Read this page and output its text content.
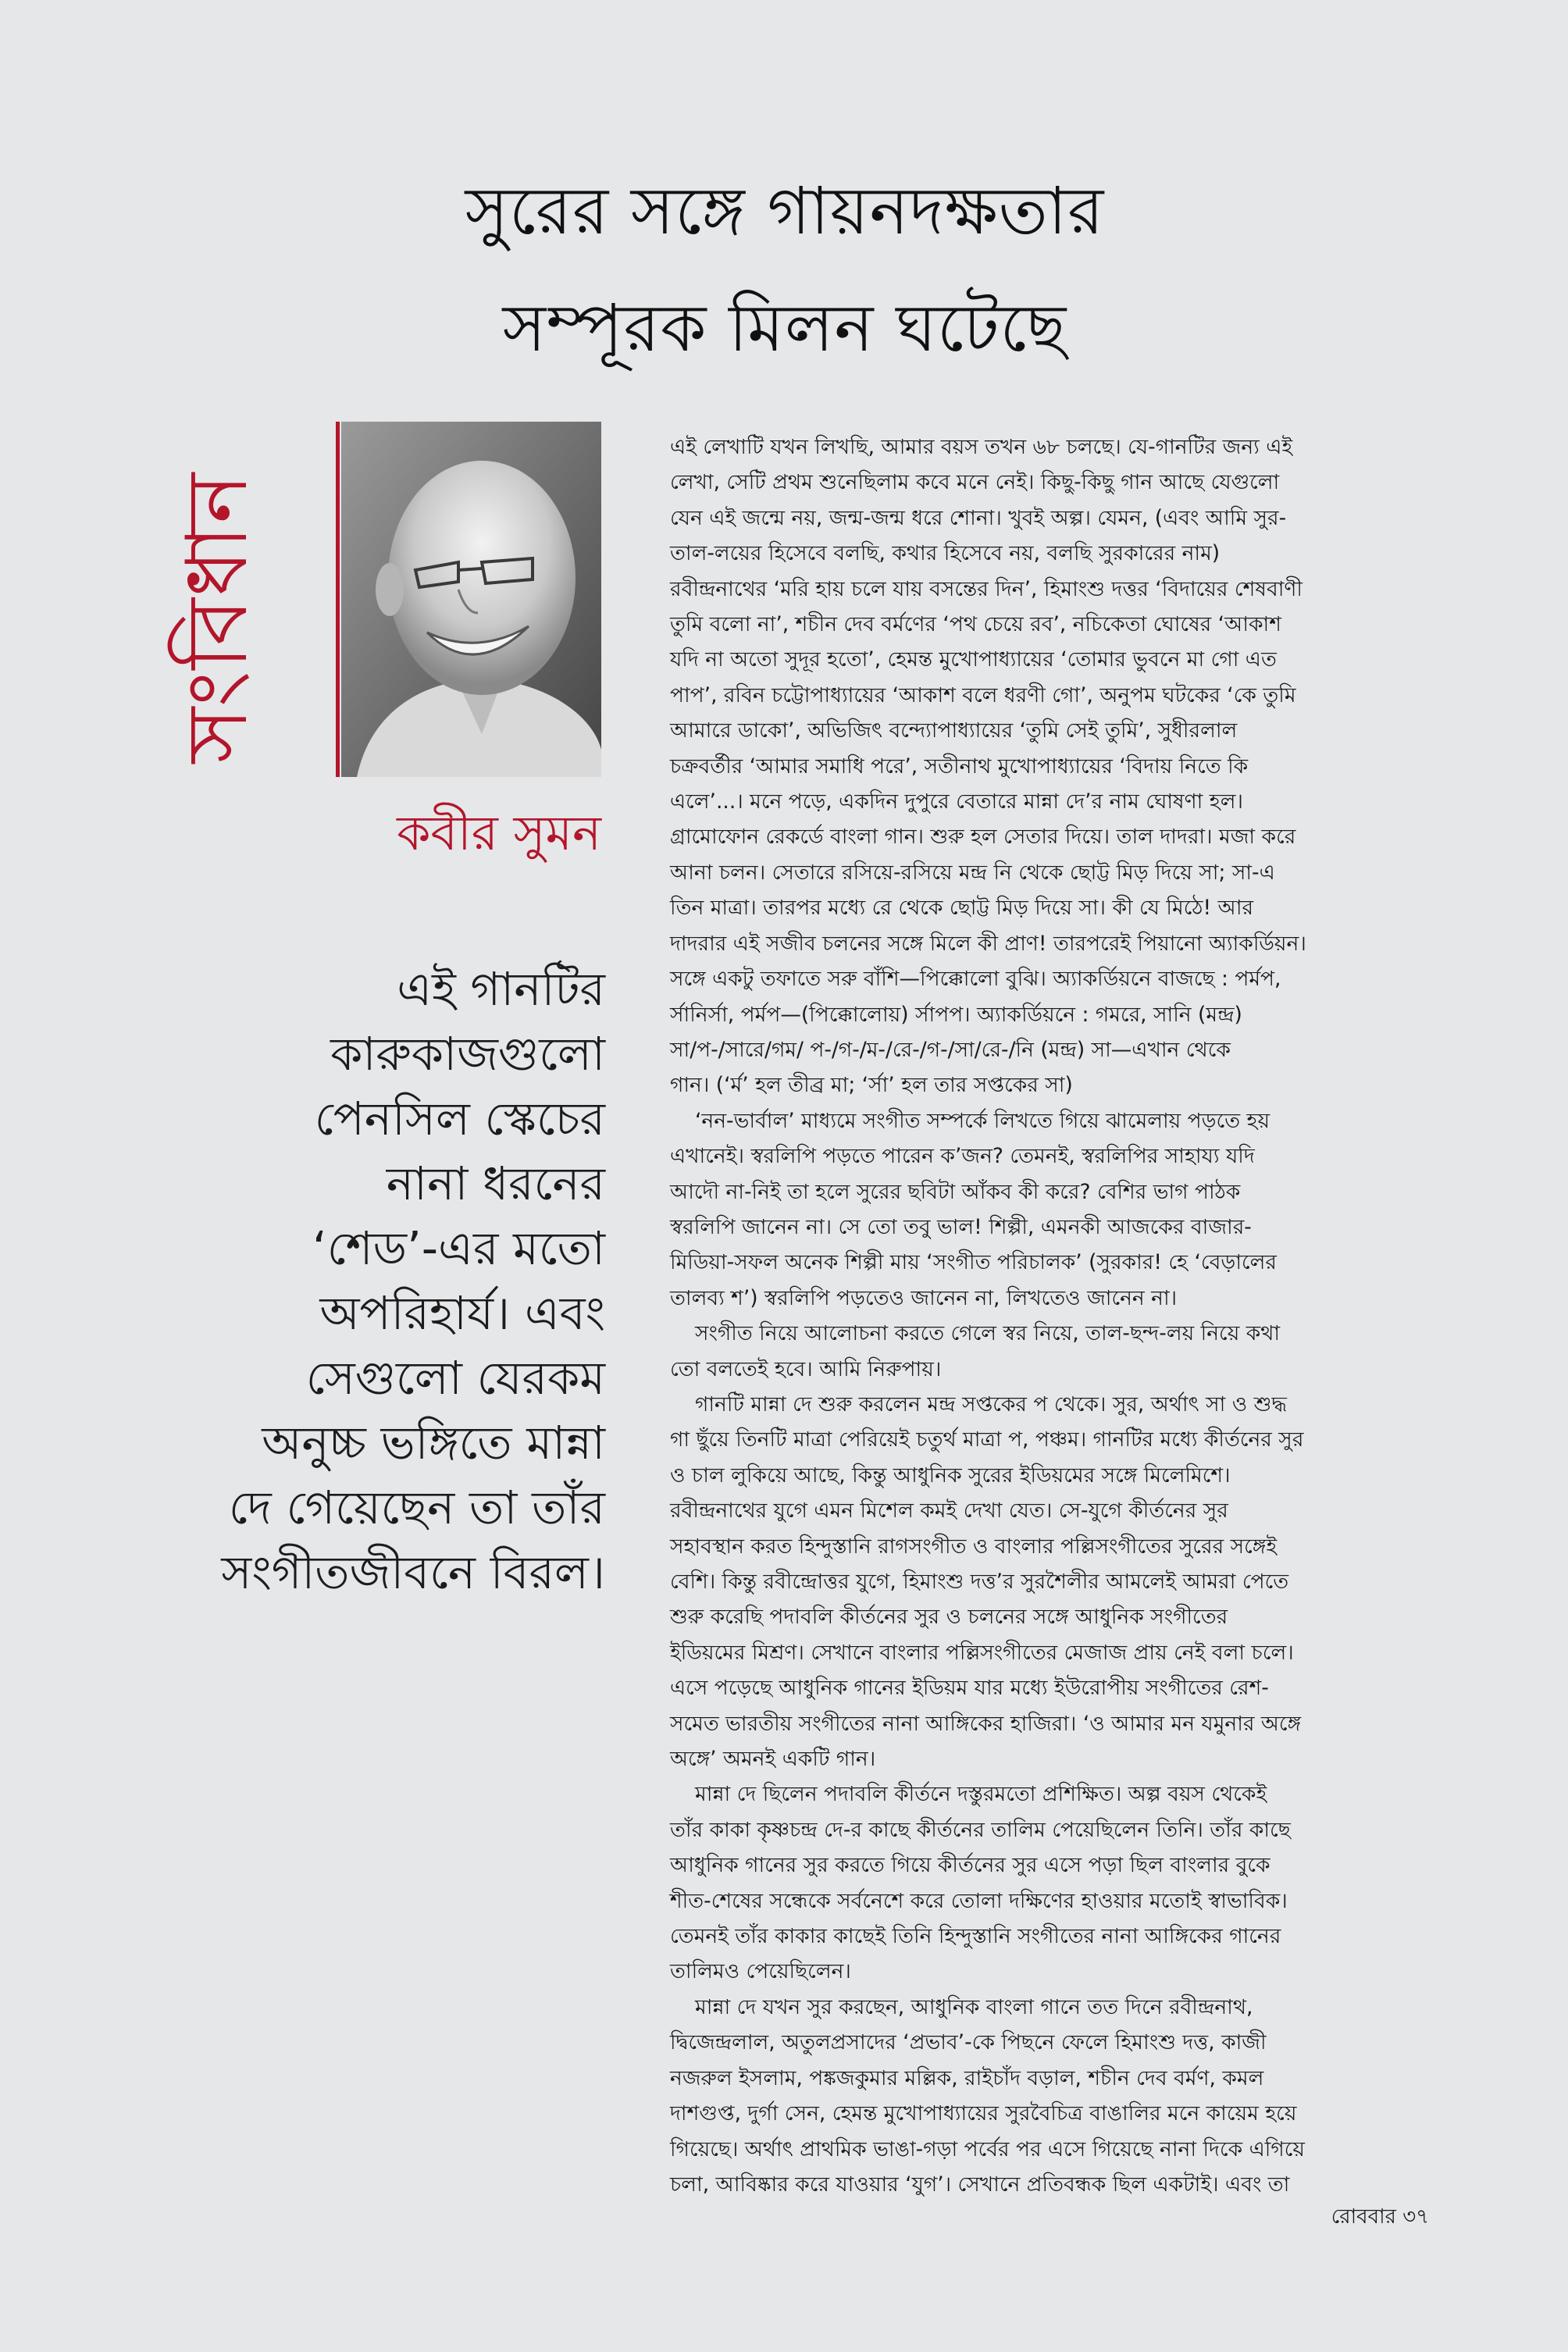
সুরের সঙ্গে গায়নদক্ষতার
সম্পূরক মিলন ঘটেছে
সংবিধান
কবীর সুমন
এই গানটির
কারুকাজগুলো
পেনসিল স্কেচের
নানা ধরনের
‘শেড’-এর মতো
অপরিহার্য। এবং
সেগুলো যেরকম
অনুচ্চ ভঙ্গিতে মান্না
দে গেয়েছেন তা তাঁর
সংগীতজীবনে বিরল।
এই লেখাটি যখন লিখছি, আমার বয়স তখন ৬৮ চলছে। যে-গানটির জন্য এই
লেখা, সেটি প্রথম শুনেছিলাম কবে মনে নেই। কিছু-কিছু গান আছে যেগুলো
যেন এই জন্মে নয়, জন্ম-জন্ম ধরে শোনা। খুবই অল্প। যেমন, (এবং আমি সুর-
তাল-লয়ের হিসেবে বলছি, কথার হিসেবে নয়, বলছি সুরকারের নাম)
রবীন্দ্রনাথের ‘মরি হায় চলে যায় বসন্তের দিন’, হিমাংশু দত্তর ‘বিদায়ের শেষবাণী
তুমি বলো না’, শচীন দেব বর্মণের ‘পথ চেয়ে রব’, নচিকেতা ঘোষের ‘আকাশ
যদি না অতো সুদূর হতো’, হেমন্ত মুখোপাধ্যায়ের ‘তোমার ভুবনে মা গো এত
পাপ’, রবিন চট্টোপাধ্যায়ের ‘আকাশ বলে ধরণী গো’, অনুপম ঘটকের ‘কে তুমি
আমারে ডাকো’, অভিজিৎ বন্দ্যোপাধ্যায়ের ‘তুমি সেই তুমি’, সুধীরলাল
চক্রবর্তীর ‘আমার সমাধি পরে’, সতীনাথ মুখোপাধ্যায়ের ‘বিদায় নিতে কি
এলে’...। মনে পড়ে, একদিন দুপুরে বেতারে মান্না দে’র নাম ঘোষণা হল।
গ্রামোফোন রেকর্ডে বাংলা গান। শুরু হল সেতার দিয়ে। তাল দাদরা। মজা করে
আনা চলন। সেতারে রসিয়ে-রসিয়ে মন্দ্র নি থেকে ছোট্ট মিড় দিয়ে সা; সা-এ
তিন মাত্রা। তারপর মধ্যে রে থেকে ছোট্ট মিড় দিয়ে সা। কী যে মিঠে! আর
দাদরার এই সজীব চলনের সঙ্গে মিলে কী প্রাণ! তারপরেই পিয়ানো অ্যাকর্ডিয়ন।
সঙ্গে একটু তফাতে সরু বাঁশি—পিক্কোলো বুঝি। অ্যাকর্ডিয়নে বাজছে : পর্মপ,
র্সানির্সা, পর্মপ—(পিক্কোলোয়) র্সাপপ। অ্যাকর্ডিয়নে : গমরে, সানি (মন্দ্র)
সা/প-/সারে/গম/ প-/গ-/ম-/রে-/গ-/সা/রে-/নি (মন্দ্র) সা—এখান থেকে
গান। (‘র্ম’ হল তীব্র মা; ‘র্সা’ হল তার সপ্তকের সা)
‘নন-ভার্বাল’ মাধ্যমে সংগীত সম্পর্কে লিখতে গিয়ে ঝামেলায় পড়তে হয়
এখানেই। স্বরলিপি পড়তে পারেন ক’জন? তেমনই, স্বরলিপির সাহায্য যদি
আদৌ না-নিই তা হলে সুরের ছবিটা আঁকব কী করে? বেশির ভাগ পাঠক
স্বরলিপি জানেন না। সে তো তবু ভাল! শিল্পী, এমনকী আজকের বাজার-
মিডিয়া-সফল অনেক শিল্পী মায় ‘সংগীত পরিচালক’ (সুরকার! হে ‘বেড়ালের
তালব্য শ’) স্বরলিপি পড়তেও জানেন না, লিখতেও জানেন না।
সংগীত নিয়ে আলোচনা করতে গেলে স্বর নিয়ে, তাল-ছন্দ-লয় নিয়ে কথা
তো বলতেই হবে। আমি নিরুপায়।
গানটি মান্না দে শুরু করলেন মন্দ্র সপ্তকের প থেকে। সুর, অর্থাৎ সা ও শুদ্ধ
গা ছুঁয়ে তিনটি মাত্রা পেরিয়েই চতুর্থ মাত্রা প, পঞ্চম। গানটির মধ্যে কীর্তনের সুর
ও চাল লুকিয়ে আছে, কিন্তু আধুনিক সুরের ইডিয়মের সঙ্গে মিলেমিশে।
রবীন্দ্রনাথের যুগে এমন মিশেল কমই দেখা যেত। সে-যুগে কীর্তনের সুর
সহাবস্থান করত হিন্দুস্তানি রাগসংগীত ও বাংলার পল্লিসংগীতের সুরের সঙ্গেই
বেশি। কিন্তু রবীন্দ্রোত্তর যুগে, হিমাংশু দত্ত’র সুরশৈলীর আমলেই আমরা পেতে
শুরু করেছি পদাবলি কীর্তনের সুর ও চলনের সঙ্গে আধুনিক সংগীতের
ইডিয়মের মিশ্রণ। সেখানে বাংলার পল্লিসংগীতের মেজাজ প্রায় নেই বলা চলে।
এসে পড়েছে আধুনিক গানের ইডিয়ম যার মধ্যে ইউরোপীয় সংগীতের রেশ-
সমেত ভারতীয় সংগীতের নানা আঙ্গিকের হাজিরা। ‘ও আমার মন যমুনার অঙ্গে
অঙ্গে’ অমনই একটি গান।
মান্না দে ছিলেন পদাবলি কীর্তনে দস্তুরমতো প্রশিক্ষিত। অল্প বয়স থেকেই
তাঁর কাকা কৃষ্ণচন্দ্র দে-র কাছে কীর্তনের তালিম পেয়েছিলেন তিনি। তাঁর কাছে
আধুনিক গানের সুর করতে গিয়ে কীর্তনের সুর এসে পড়া ছিল বাংলার বুকে
শীত-শেষের সন্ধেকে সর্বনেশে করে তোলা দক্ষিণের হাওয়ার মতোই স্বাভাবিক।
তেমনই তাঁর কাকার কাছেই তিনি হিন্দুস্তানি সংগীতের নানা আঙ্গিকের গানের
তালিমও পেয়েছিলেন।
মান্না দে যখন সুর করছেন, আধুনিক বাংলা গানে তত দিনে রবীন্দ্রনাথ,
দ্বিজেন্দ্রলাল, অতুলপ্রসাদের ‘প্রভাব’-কে পিছনে ফেলে হিমাংশু দত্ত, কাজী
নজরুল ইসলাম, পঙ্কজকুমার মল্লিক, রাইচাঁদ বড়াল, শচীন দেব বর্মণ, কমল
দাশগুপ্ত, দুর্গা সেন, হেমন্ত মুখোপাধ্যায়ের সুরবৈচিত্র বাঙালির মনে কায়েম হয়ে
গিয়েছে। অর্থাৎ প্রাথমিক ভাঙা-গড়া পর্বের পর এসে গিয়েছে নানা দিকে এগিয়ে
চলা, আবিষ্কার করে যাওয়ার ‘যুগ’। সেখানে প্রতিবন্ধক ছিল একটাই। এবং তা
রোববার ৩৭
